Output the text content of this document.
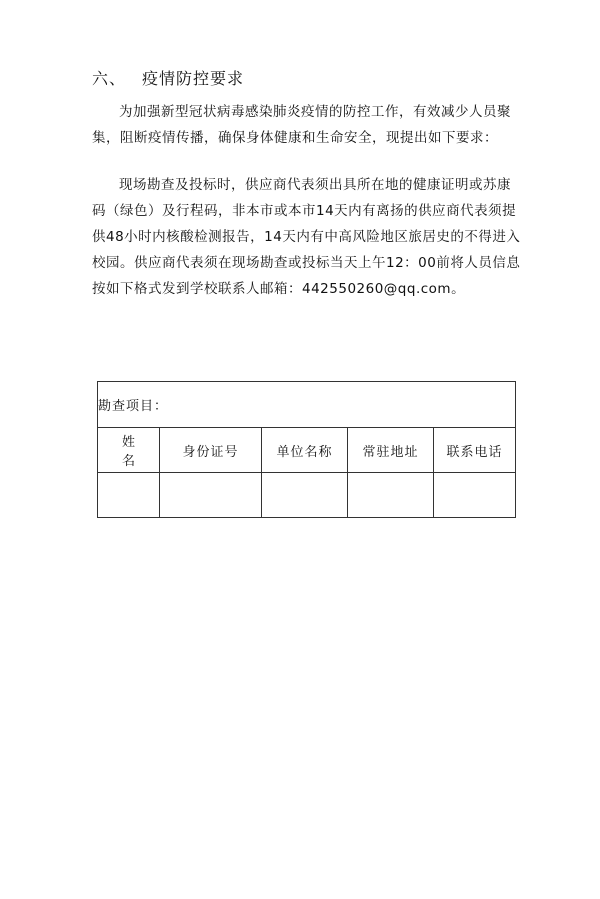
六、 疫情防控要求
为加强新型冠状病毒感染肺炎疫情的防控工作，有效减少人员聚集，阻断疫情传播，确保身体健康和生命安全，现提出如下要求：
现场勘查及投标时，供应商代表须出具所在地的健康证明或苏康码（绿色）及行程码，非本市或本市14天内有离扬的供应商代表须提供48小时内核酸检测报告，14天内有中高风险地区旅居史的不得进入校园。供应商代表须在现场勘查或投标当天上午12：00前将人员信息按如下格式发到学校联系人邮箱：442550260@qq.com。
勘查项目：				
姓名	身份证号	单位名称	常驻地址	联系电话
